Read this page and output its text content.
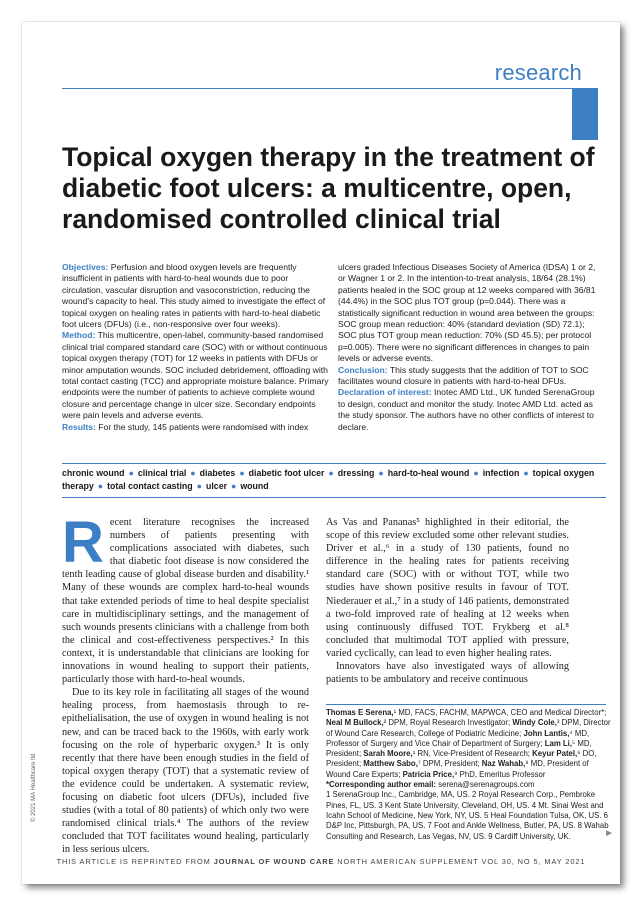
research
Topical oxygen therapy in the treatment of diabetic foot ulcers: a multicentre, open, randomised controlled clinical trial

Objectives: Perfusion and blood oxygen levels are frequently insufficient in patients with hard-to-heal wounds due to poor circulation, vascular disruption and vasoconstriction, reducing the wound's capacity to heal. This study aimed to investigate the effect of topical oxygen on healing rates in patients with hard-to-heal diabetic foot ulcers (DFUs) (i.e., non-responsive over four weeks).

Method: This multicentre, open-label, community-based randomised clinical trial compared standard care (SOC) with or without continuous topical oxygen therapy (TOT) for 12 weeks in patients with DFUs or minor amputation wounds. SOC included debridement, offloading with total contact casting (TCC) and appropriate moisture balance. Primary endpoints were the number of patients to achieve complete wound closure and percentage change in ulcer size. Secondary endpoints were pain levels and adverse events.

Results: For the study, 145 patients were randomised with index

ulcers graded Infectious Diseases Society of America (IDSA) 1 or 2, or Wagner 1 or 2. In the intention-to-treat analysis, 18/64 (28.1%) patients healed in the SOC group at 12 weeks compared with 36/81 (44.4%) in the SOC plus TOT group (p=0.044). There was a statistically significant reduction in wound area between the groups: SOC group mean reduction: 40% (standard deviation (SD) 72.1); SOC plus TOT group mean reduction: 70% (SD 45.5); per protocol p=0.005). There were no significant differences in changes to pain levels or adverse events.

Conclusion: This study suggests that the addition of TOT to SOC facilitates wound closure in patients with hard-to-heal DFUs.

Declaration of interest: Inotec AMD Ltd., UK funded SerenaGroup to design, conduct and monitor the study. Inotec AMD Ltd. acted as the study sponsor. The authors have no other conflicts of interest to declare.

chronic wound ● clinical trial ● diabetes ● diabetic foot ulcer ● dressing ● hard-to-heal wound ● infection ● topical oxygen therapy ● total contact casting ● ulcer ● wound

Recent literature recognises the increased numbers of patients presenting with complications associated with diabetes, such that diabetic foot disease is now considered the tenth leading cause of global disease burden and disability.¹ Many of these wounds are complex hard-to-heal wounds that take extended periods of time to heal despite specialist care in multidisciplinary settings, and the management of such wounds presents clinicians with a challenge from both the clinical and cost-effectiveness perspectives.² In this context, it is understandable that clinicians are looking for innovations in wound healing to support their patients, particularly those with hard-to-heal wounds.

Due to its key role in facilitating all stages of the wound healing process, from haemostasis through to re-epithelialisation, the use of oxygen in wound healing is not new, and can be traced back to the 1960s, with early work focusing on the role of hyperbaric oxygen.³ It is only recently that there have been enough studies in the field of topical oxygen therapy (TOT) that a systematic review of the evidence could be undertaken. A systematic review, focusing on diabetic foot ulcers (DFUs), included five studies (with a total of 80 patients) of which only two were randomised clinical trials.⁴ The authors of the review concluded that TOT facilitates wound healing, particularly in less serious ulcers.

As Vas and Pananas⁵ highlighted in their editorial, the scope of this review excluded some other relevant studies. Driver et al.,⁶ in a study of 130 patients, found no difference in the healing rates for patients receiving standard care (SOC) with or without TOT, while two studies have shown positive results in favour of TOT. Niederauer et al.,⁷ in a study of 146 patients, demonstrated a two-fold improved rate of healing at 12 weeks when using continuously diffused TOT. Frykberg et al.⁸ concluded that multimodal TOT applied with pressure, varied cyclically, can lead to even higher healing rates.

Innovators have also investigated ways of allowing patients to be ambulatory and receive continuous

Thomas E Serena,¹ MD, FACS, FACHM, MAPWCA, CEO and Medical Director*; Neal M Bullock,² DPM, Royal Research Investigator; Windy Cole,³ DPM, Director of Wound Care Research, College of Podiatric Medicine; John Lantis,⁴ MD, Professor of Surgery and Vice Chair of Department of Surgery; Lam Li,⁵ MD, President; Sarah Moore,¹ RN, Vice-President of Research; Keyur Patel,⁶ DO, President; Matthew Sabo,⁷ DPM, President; Naz Wahab,⁸ MD, President of Wound Care Experts; Patricia Price,⁹ PhD, Emeritus Professor

*Corresponding author email: serena@serenagroups.com

1 SerenaGroup Inc., Cambridge, MA, US. 2 Royal Research Corp., Pembroke Pines, FL, US. 3 Kent State University, Cleveland, OH, US. 4 Mt. Sinai West and Icahn School of Medicine, New York, NY, US. 5 Heal Foundation Tulsa, OK, US. 6 D&P Inc, Pittsburgh, PA, US. 7 Foot and Ankle Wellness, Butler, PA, US. 8 Wahab Consulting and Research, Las Vegas, NV, US. 9 Cardiff University, UK.

© 2021 MA Healthcare ltd
►
THIS ARTICLE IS REPRINTED FROM JOURNAL OF WOUND CARE NORTH AMERICAN SUPPLEMENT VOL 30, NO 5, MAY 2021
